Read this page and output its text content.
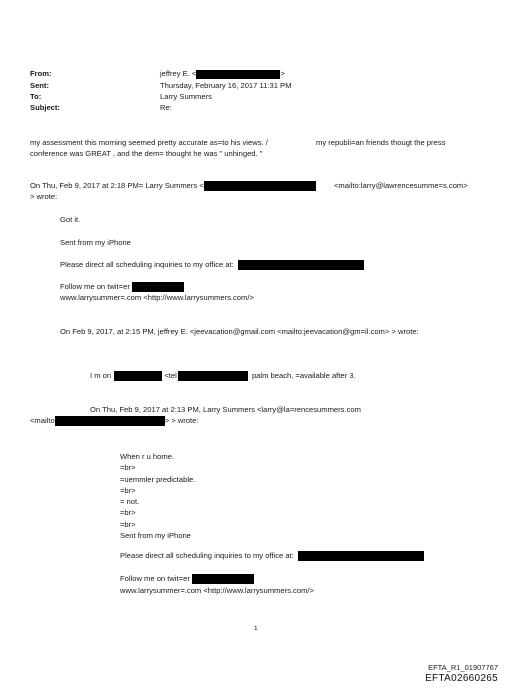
From:	jeffrey E. <	>
Sent:	Thursday, February 16, 2017 11:31 PM
To:	Larry Summers
Subject:	Re:
my assessment this morning seemed pretty accurate as=to his views. /	my republi=an friends thougt the press
conference was GREAT , and the dem= thought he was " unhinged. "
On Thu, Feb 9, 2017 at 2:18 PM= Larry Summers <	<mailto:larry@lawrencesumme=s.com>
> wrote:
Got it.
Sent from my iPhone
Please direct all scheduling inquiries to my office at:
Follow me on twit=er
www.larrysummer=.com <http://www.larrysummers.com/>
On Feb 9, 2017, at 2:15 PM, jeffrey E. <jeevacation@gmail.com <mailto:jeevacation@gm=il.com> > wrote:
I m on	<tel	palm beach, =available after 3.
On Thu, Feb 9, 2017 at 2:13 PM, Larry Summers <larry@la=rencesummers.com
<mailto	> > wrote:
When r u home.
=br>
=uemmler predictable.
=br>
= not.
=br>
=br>
Sent from my iPhone
Please direct all scheduling inquiries to my office at:
Follow me on twit=er
www.larrysummer=.com <http://www.larrysummers.com/>
1
EFTA_R1_01907767
EFTA02660265
